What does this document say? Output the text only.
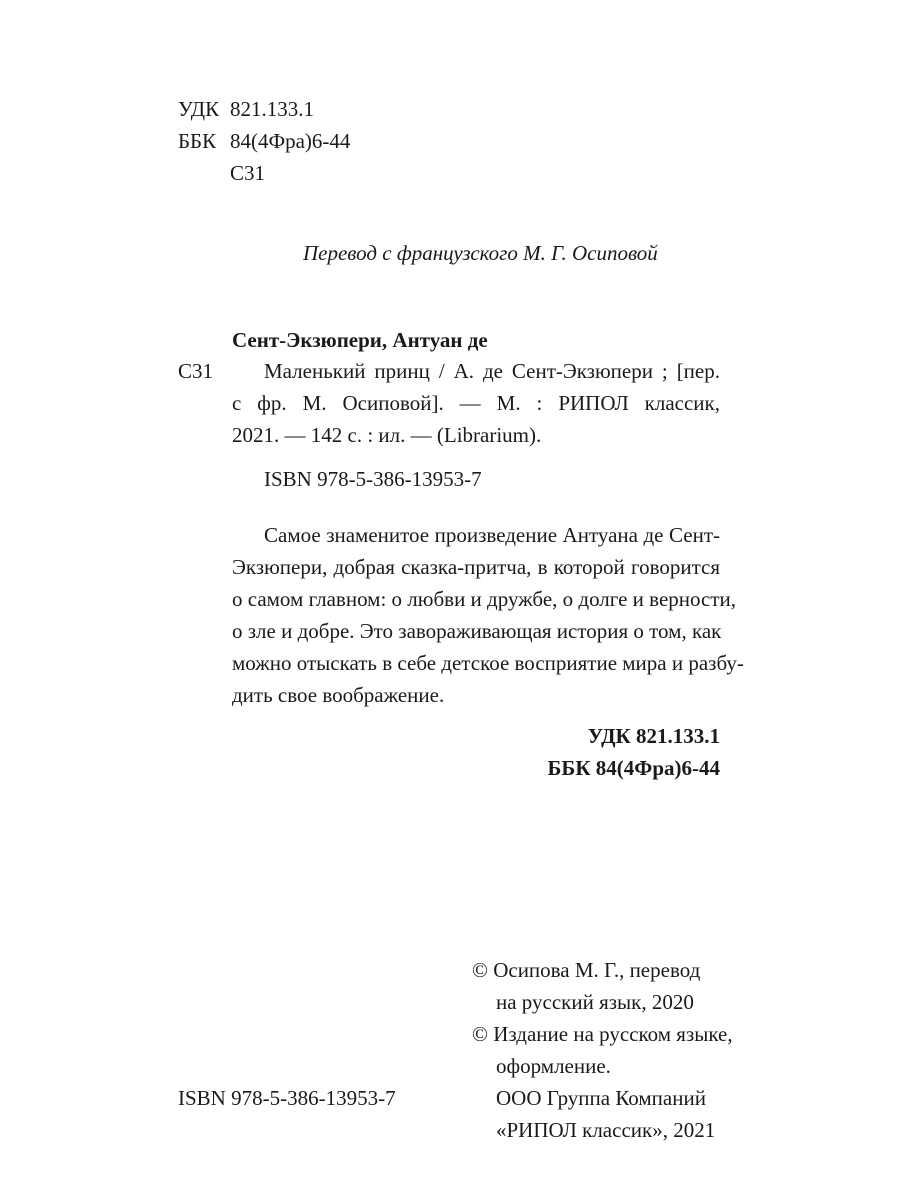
УДК 821.133.1
ББК 84(4Фра)6-44
С31
Перевод с французского М. Г. Осиповой
Сент-Экзюпери, Антуан де
С31 Маленький принц / А. де Сент-Экзюпери ; [пер.
с фр. М. Осиповой]. — М. : РИПОЛ классик,
2021. — 142 с. : ил. — (Librarium).
ISBN 978-5-386-13953-7
Самое знаменитое произведение Антуана де Сент-
Экзюпери, добрая сказка-притча, в которой говорится
о самом главном: о любви и дружбе, о долге и верности,
о зле и добре. Это завораживающая история о том, как
можно отыскать в себе детское восприятие мира и разбу-
дить свое воображение.
УДК 821.133.1
ББК 84(4Фра)6-44
© Осипова М. Г., перевод
на русский язык, 2020
© Издание на русском языке,
оформление.
ООО Группа Компаний
«РИПОЛ классик», 2021
ISBN 978-5-386-13953-7
